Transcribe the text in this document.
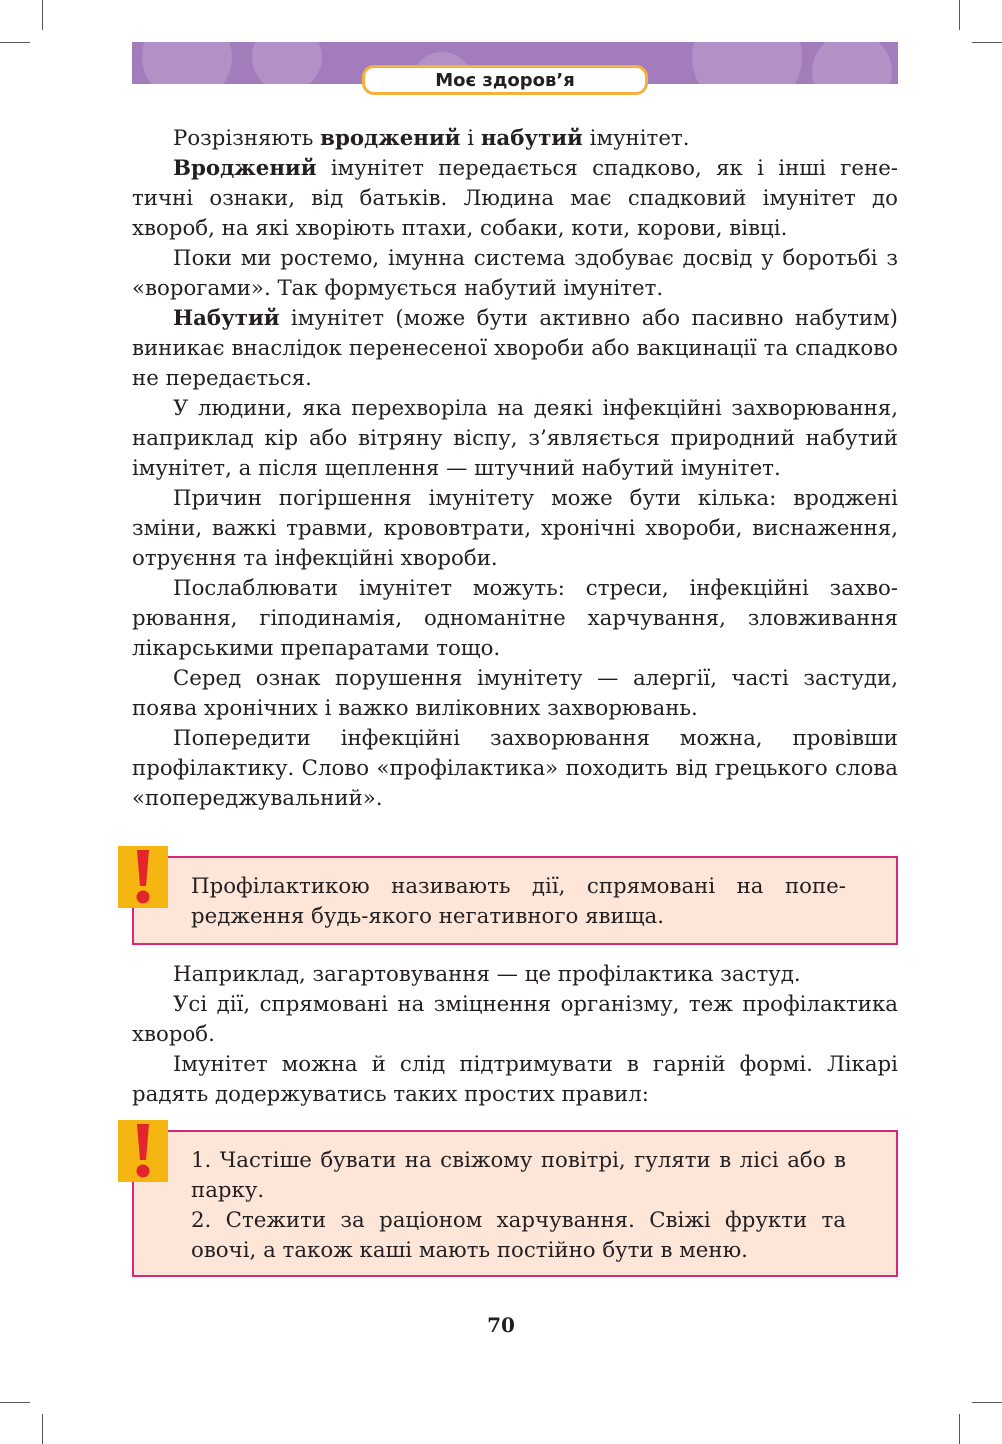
Моє здоров’я

Розрізняють вроджений і набутий імунітет.

Вроджений імунітет передається спадково, як і інші генетичні ознаки, від батьків. Людина має спадковий імунітет до хвороб, на які хворіють птахи, собаки, коти, корови, вівці.

Поки ми ростемо, імунна система здобуває досвід у боротьбі з «ворогами». Так формується набутий імунітет.

Набутий імунітет (може бути активно або пасивно набутим) виникає внаслідок перенесеної хвороби або вакцинації та спадково не передається.

У людини, яка перехворіла на деякі інфекційні захворювання, наприклад кір або вітряну віспу, з’являється природний набутий імунітет, а після щеплення — штучний набутий імунітет.

Причин погіршення імунітету може бути кілька: вроджені зміни, важкі травми, крововтрати, хронічні хвороби, виснаження, отруєння та інфекційні хвороби.

Послаблювати імунітет можуть: стреси, інфекційні захворювання, гіподинамія, одноманітне харчування, зловживання лікарськими препаратами тощо.

Серед ознак порушення імунітету — алергії, часті застуди, поява хронічних і важко виліковних захворювань.

Попередити інфекційні захворювання можна, провівши профілактику. Слово «профілактика» походить від грецького слова «попереджувальний».

Профілактикою називають дії, спрямовані на попередження будь-якого негативного явища.

Наприклад, загартовування — це профілактика застуд.

Усі дії, спрямовані на зміцнення організму, теж профілактика хвороб.

Імунітет можна й слід підтримувати в гарній формі. Лікарі радять додержуватись таких простих правил:

1. Частіше бувати на свіжому повітрі, гуляти в лісі або в парку.

2. Стежити за раціоном харчування. Свіжі фрукти та овочі, а також каші мають постійно бути в меню.

70
